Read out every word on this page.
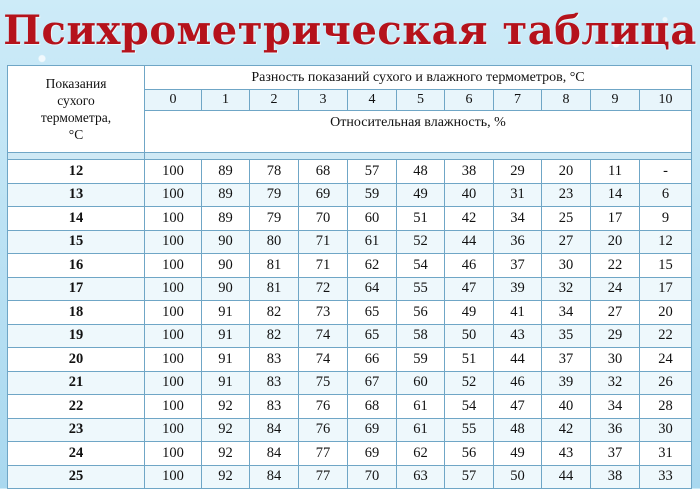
Психрометрическая таблица
Показания
сухого
термометра,
°С	Разность показаний сухого и влажного термометров, °С										
	0	1	2	3	4	5	6	7	8	9	10
	Относительная влажность, %										

12	100	89	78	68	57	48	38	29	20	11	-
13	100	89	79	69	59	49	40	31	23	14	6
14	100	89	79	70	60	51	42	34	25	17	9
15	100	90	80	71	61	52	44	36	27	20	12
16	100	90	81	71	62	54	46	37	30	22	15
17	100	90	81	72	64	55	47	39	32	24	17
18	100	91	82	73	65	56	49	41	34	27	20
19	100	91	82	74	65	58	50	43	35	29	22
20	100	91	83	74	66	59	51	44	37	30	24
21	100	91	83	75	67	60	52	46	39	32	26
22	100	92	83	76	68	61	54	47	40	34	28
23	100	92	84	76	69	61	55	48	42	36	30
24	100	92	84	77	69	62	56	49	43	37	31
25	100	92	84	77	70	63	57	50	44	38	33
